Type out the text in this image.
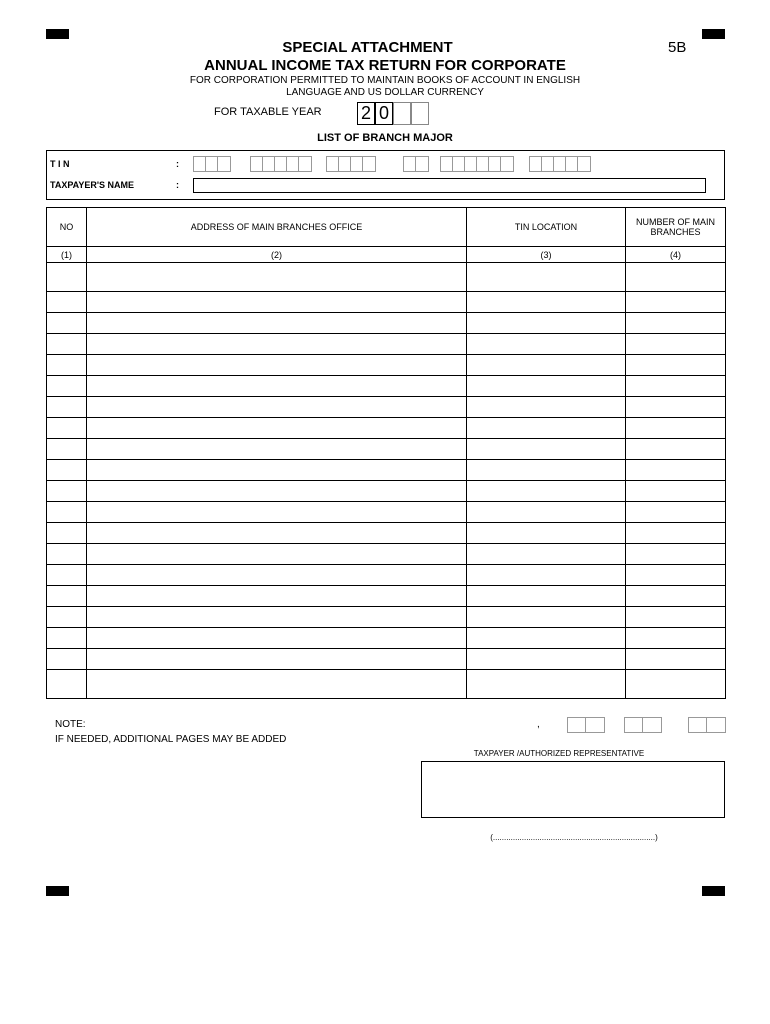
SPECIAL ATTACHMENT
ANNUAL INCOME TAX RETURN FOR CORPORATE
5B
FOR CORPORATION PERMITTED TO MAINTAIN BOOKS OF ACCOUNT IN ENGLISH
LANGUAGE AND US DOLLAR CURRENCY
FOR TAXABLE YEAR 2 0
LIST OF BRANCH MAJOR
T I N	:
TAXPAYER'S NAME	:
NO	ADDRESS OF MAIN BRANCHES OFFICE	TIN LOCATION	NUMBER OF MAIN BRANCHES
(1)	(2)	(3)	(4)

NOTE:
IF NEEDED, ADDITIONAL PAGES MAY BE ADDED
,
TAXPAYER /AUTHORIZED REPRESENTATIVE
(.........................................................................)
